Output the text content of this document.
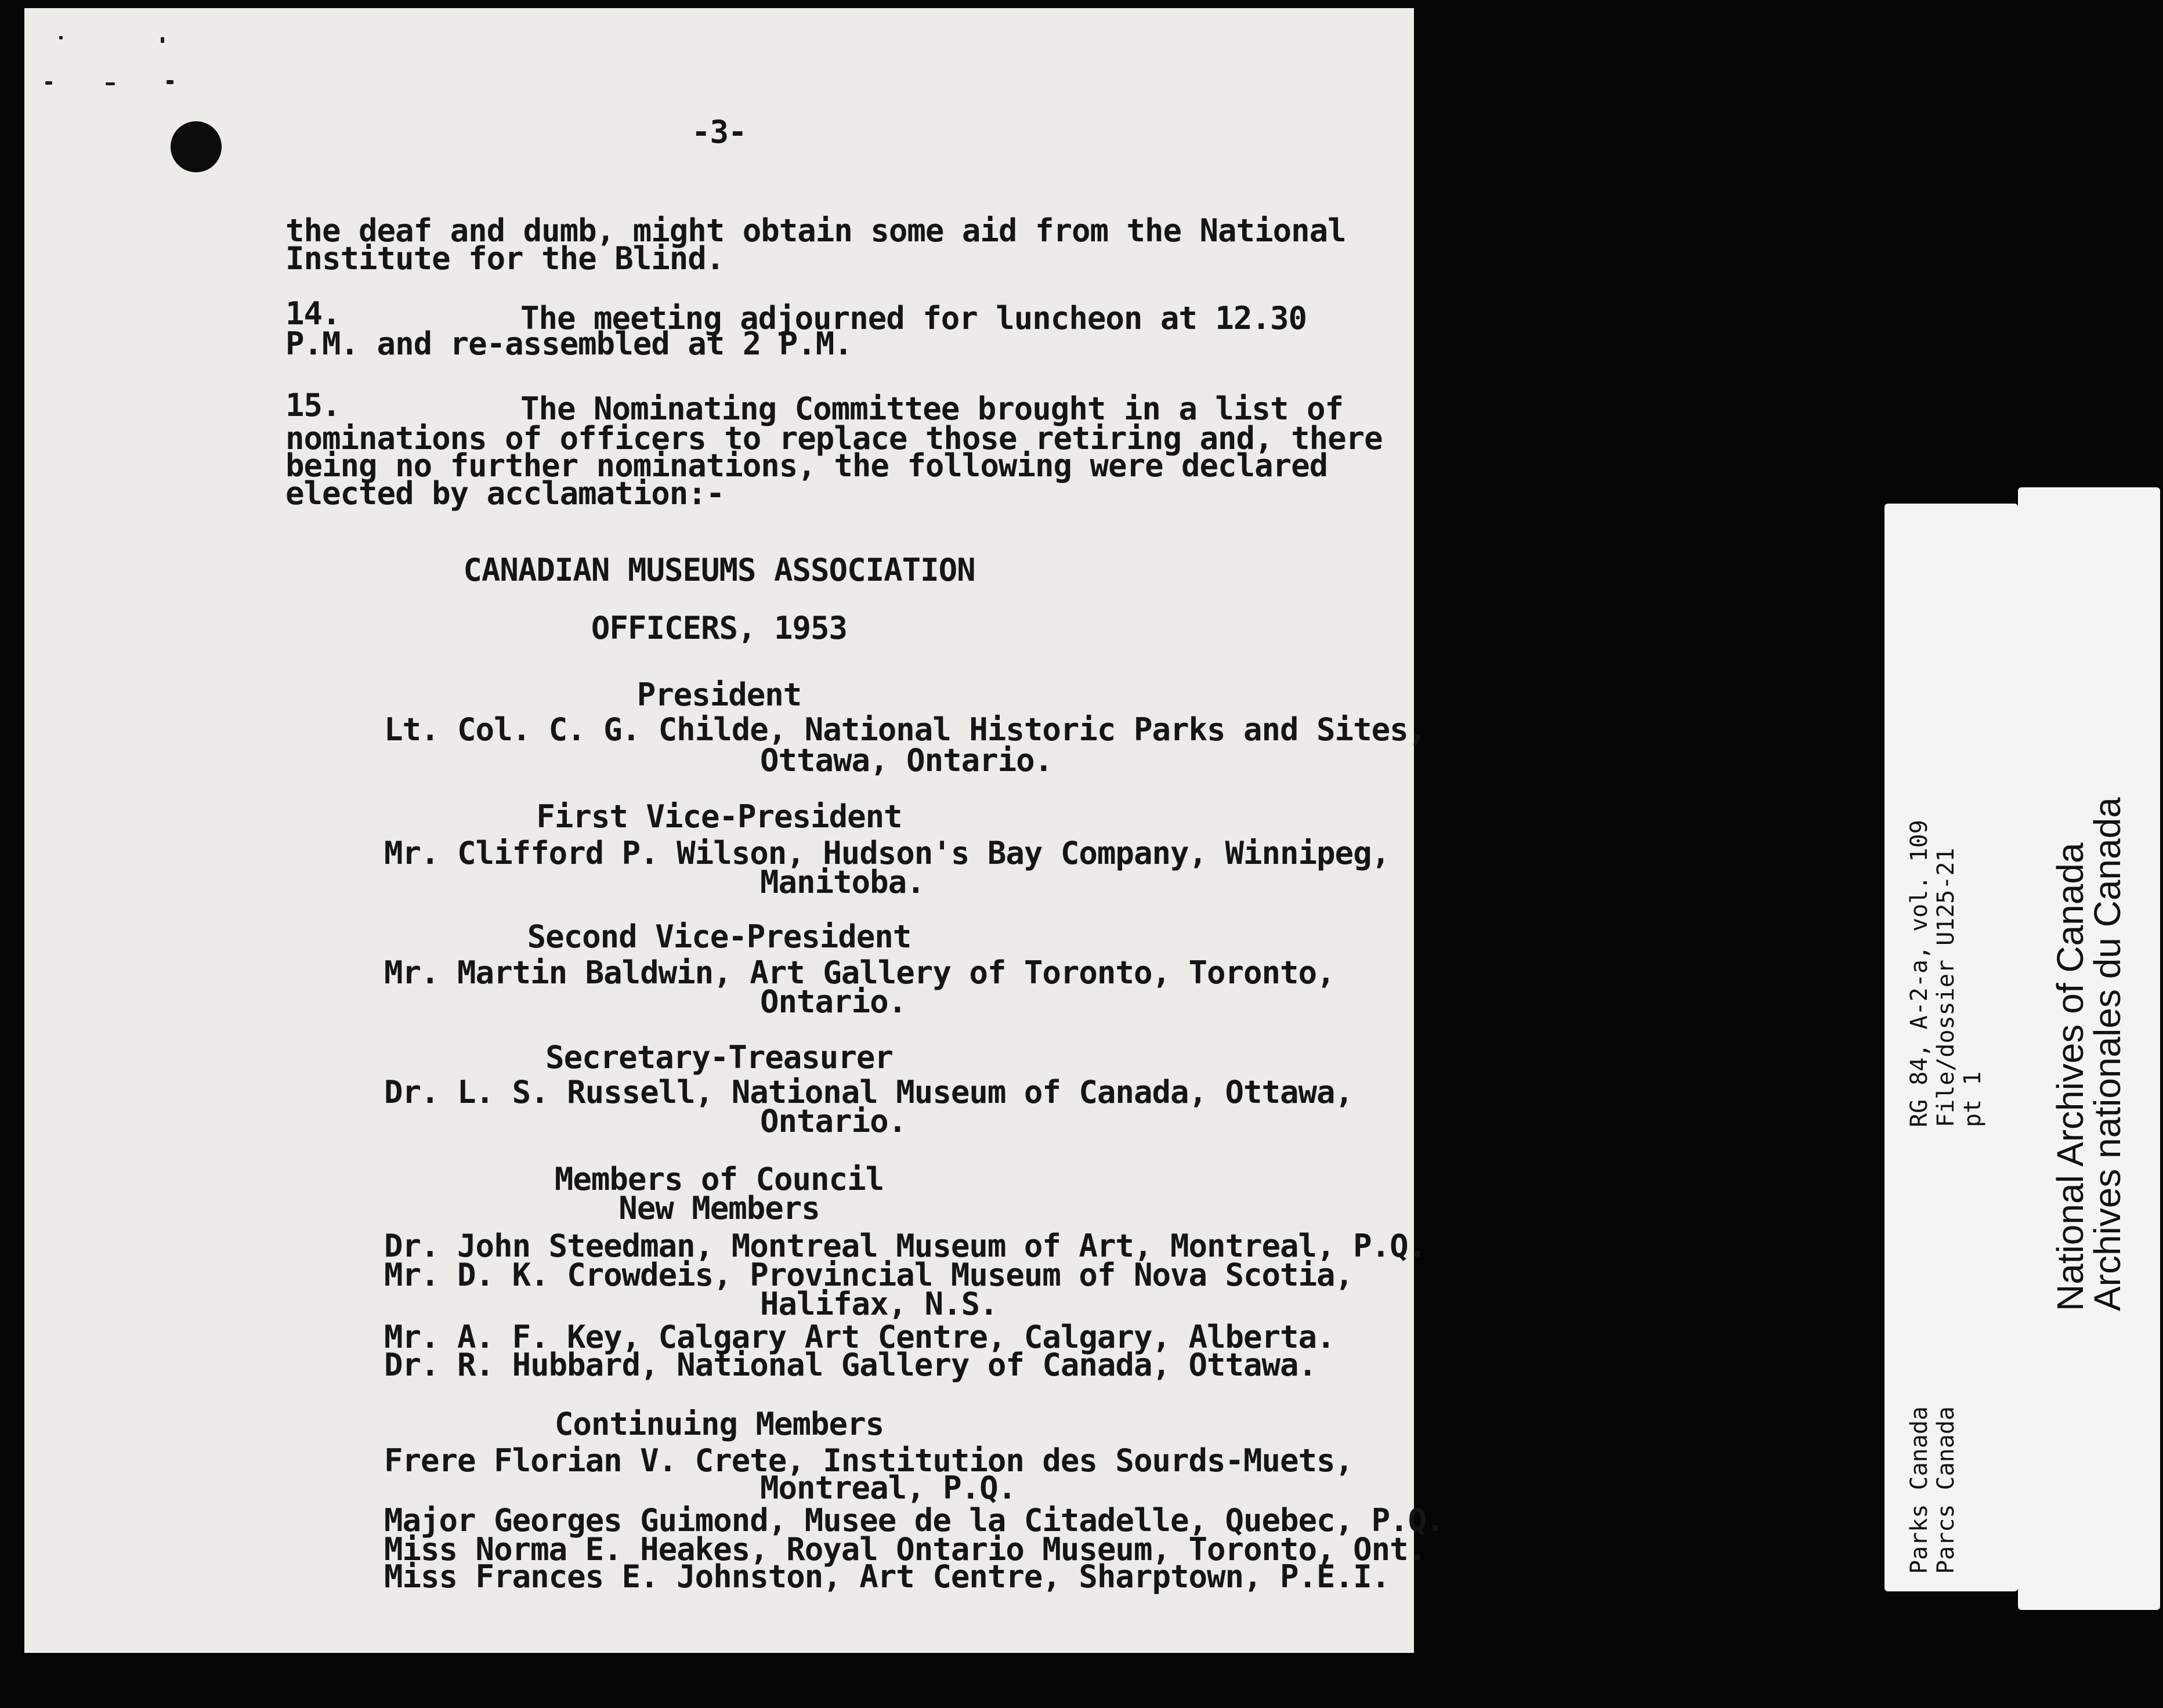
-3-
the deaf and dumb, might obtain some aid from the National
Institute for the Blind.
14.	The meeting adjourned for luncheon at 12.30
P.M. and re-assembled at 2 P.M.
15.	The Nominating Committee brought in a list of
nominations of officers to replace those retiring and, there
being no further nominations, the following were declared
elected by acclamation:-
CANADIAN MUSEUMS ASSOCIATION
OFFICERS, 1953
President
Lt. Col. C. G. Childe, National Historic Parks and Sites,
Ottawa, Ontario.
First Vice-President
Mr. Clifford P. Wilson, Hudson's Bay Company, Winnipeg,
Manitoba.
Second Vice-President
Mr. Martin Baldwin, Art Gallery of Toronto, Toronto,
Ontario.
Secretary-Treasurer
Dr. L. S. Russell, National Museum of Canada, Ottawa,
Ontario.
Members of Council
New Members
Dr. John Steedman, Montreal Museum of Art, Montreal, P.Q.
Mr. D. K. Crowdeis, Provincial Museum of Nova Scotia,
Halifax, N.S.
Mr. A. F. Key, Calgary Art Centre, Calgary, Alberta.
Dr. R. Hubbard, National Gallery of Canada, Ottawa.
Continuing Members
Frere Florian V. Crete, Institution des Sourds-Muets,
Montreal, P.Q.
Major Georges Guimond, Musee de la Citadelle, Quebec, P.Q.
Miss Norma E. Heakes, Royal Ontario Museum, Toronto, Ont.
Miss Frances E. Johnston, Art Centre, Sharptown, P.E.I.
RG 84, A-2-a, vol. 109 File/dossier U125-21 pt 1
Parks Canada Parcs Canada
National Archives of Canada
Archives nationales du Canada
